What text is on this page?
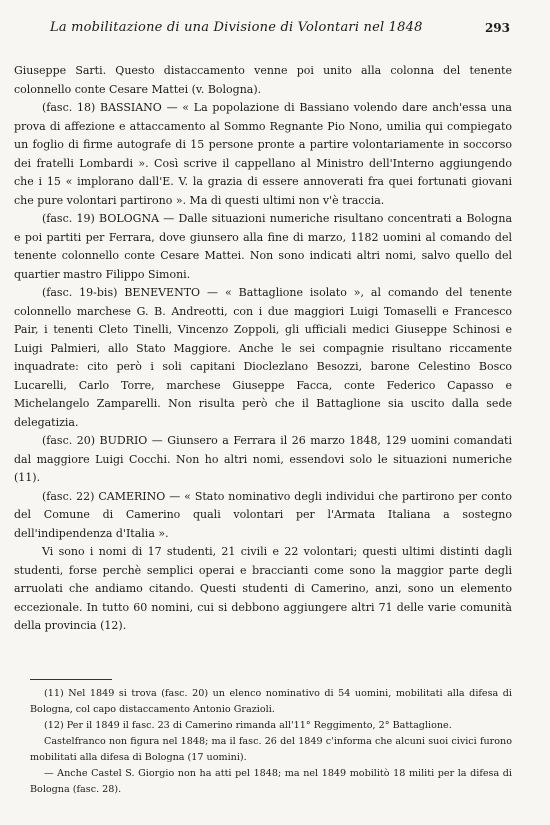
La mobilitazione di una Divisione di Volontari nel 1848	293

Giuseppe Sarti. Questo distaccamento venne poi unito alla colonna del tenente colonnello conte Cesare Mattei (v. Bologna).

(fasc. 18) BASSIANO — « La popolazione di Bassiano volendo dare anch'essa una prova di affezione e attaccamento al Sommo Regnante Pio Nono, umilia qui compiegato un foglio di firme autografe di 15 persone pronte a partire volontariamente in soccorso dei fratelli Lombardi ». Così scrive il cappellano al Ministro dell'Interno aggiungendo che i 15 « implorano dall'E. V. la grazia di essere annoverati fra quei fortunati giovani che pure volontari partirono ». Ma di questi ultimi non v'è traccia.

(fasc. 19) BOLOGNA — Dalle situazioni numeriche risultano concentrati a Bologna e poi partiti per Ferrara, dove giunsero alla fine di marzo, 1182 uomini al comando del tenente colonnello conte Cesare Mattei. Non sono indicati altri nomi, salvo quello del quartier mastro Filippo Simoni.

(fasc. 19-bis) BENEVENTO — « Battaglione isolato », al comando del tenente colonnello marchese G. B. Andreotti, con i due maggiori Luigi Tomaselli e Francesco Pair, i tenenti Cleto Tinelli, Vincenzo Zoppoli, gli ufficiali medici Giuseppe Schinosi e Luigi Palmieri, allo Stato Maggiore. Anche le sei compagnie risultano riccamente inquadrate: cito però i soli capitani Dioclezlano Besozzi, barone Celestino Bosco Lucarelli, Carlo Torre, marchese Giuseppe Facca, conte Federico Capasso e Michelangelo Zamparelli. Non risulta però che il Battaglione sia uscito dalla sede delegatizia.

(fasc. 20) BUDRIO — Giunsero a Ferrara il 26 marzo 1848, 129 uomini comandati dal maggiore Luigi Cocchi. Non ho altri nomi, essendovi solo le situazioni numeriche (11).

(fasc. 22) CAMERINO — « Stato nominativo degli individui che partirono per conto del Comune di Camerino quali volontari per l'Armata Italiana a sostegno dell'indipendenza d'Italia ».

Vi sono i nomi di 17 studenti, 21 civili e 22 volontari; questi ultimi distinti dagli studenti, forse perchè semplici operai e braccianti come sono la maggior parte degli arruolati che andiamo citando. Questi studenti di Camerino, anzi, sono un elemento eccezionale. In tutto 60 nomini, cui si debbono aggiungere altri 71 delle varie comunità della provincia (12).

(11) Nel 1849 si trova (fasc. 20) un elenco nominativo di 54 uomini, mobilitati alla difesa di Bologna, col capo distaccamento Antonio Grazioli.

(12) Per il 1849 il fasc. 23 di Camerino rimanda all'11° Reggimento, 2° Battaglione.

Castelfranco non figura nel 1848; ma il fasc. 26 del 1849 c'informa che alcuni suoi civici furono mobilitati alla difesa di Bologna (17 uomini).

— Anche Castel S. Giorgio non ha atti pel 1848; ma nel 1849 mobilitò 18 militi per la difesa di Bologna (fasc. 28).
